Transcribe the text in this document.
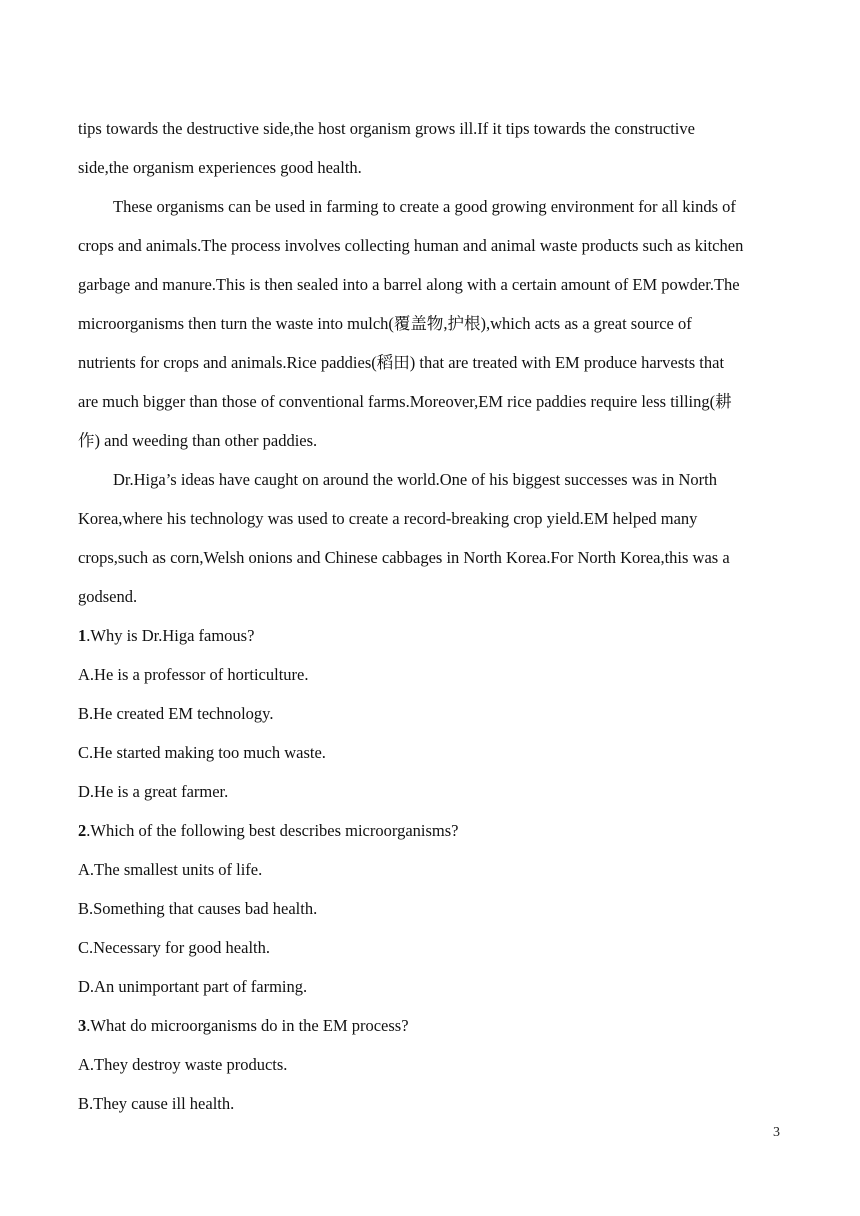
tips towards the destructive side,the host organism grows ill.If it tips towards the constructive

side,the organism experiences good health.

These organisms can be used in farming to create a good growing environment for all kinds of

crops and animals.The process involves collecting human and animal waste products such as kitchen

garbage and manure.This is then sealed into a barrel along with a certain amount of EM powder.The

microorganisms then turn the waste into mulch(覆盖物,护根),which acts as a great source of

nutrients for crops and animals.Rice paddies(稻田) that are treated with EM produce harvests that

are much bigger than those of conventional farms.Moreover,EM rice paddies require less tilling(耕

作) and weeding than other paddies.

Dr.Higa’s ideas have caught on around the world.One of his biggest successes was in North

Korea,where his technology was used to create a record-breaking crop yield.EM helped many

crops,such as corn,Welsh onions and Chinese cabbages in North Korea.For North Korea,this was a

godsend.

1.Why is Dr.Higa famous?

A.He is a professor of horticulture.

B.He created EM technology.

C.He started making too much waste.

D.He is a great farmer.

2.Which of the following best describes microorganisms?

A.The smallest units of life.

B.Something that causes bad health.

C.Necessary for good health.

D.An unimportant part of farming.

3.What do microorganisms do in the EM process?

A.They destroy waste products.

B.They cause ill health.

3
